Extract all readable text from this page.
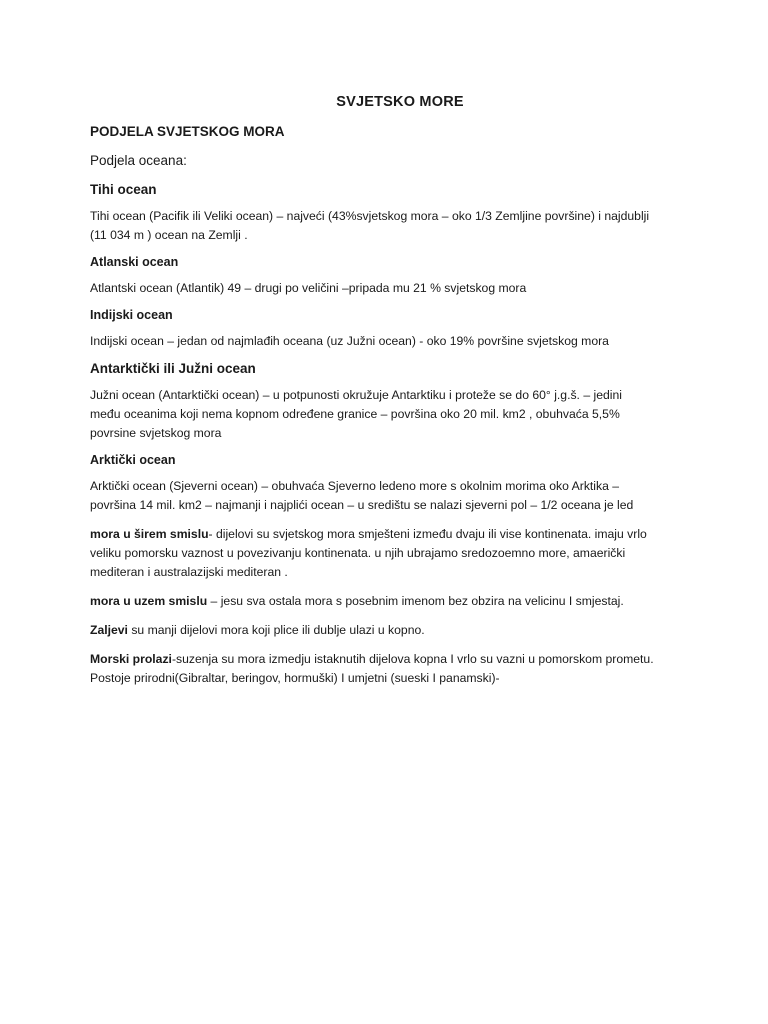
SVJETSKO MORE
PODJELA SVJETSKOG MORA
Podjela oceana:
Tihi ocean
Tihi ocean (Pacifik ili Veliki ocean) – najveći (43%svjetskog mora – oko 1/3 Zemljine površine) i najdublji
(11 034 m ) ocean na Zemlji .
Atlanski ocean
Atlantski ocean (Atlantik) 49 – drugi po veličini –pripada mu 21 % svjetskog mora
Indijski ocean
Indijski ocean – jedan od najmlađih oceana (uz Južni ocean) - oko 19% površine svjetskog mora
Antarktički ili Južni ocean
Južni ocean (Antarktički ocean) – u potpunosti okružuje Antarktiku i proteže se do 60° j.g.š. – jedini
među oceanima koji nema kopnom određene granice – površina oko 20 mil. km2 , obuhvaća 5,5%
povrsine svjetskog mora
Arktički ocean
Arktički ocean (Sjeverni ocean) – obuhvaća Sjeverno ledeno more s okolnim morima oko Arktika –
površina 14 mil. km2 – najmanji i najplići ocean – u središtu se nalazi sjeverni pol – 1/2 oceana je led
mora u širem smislu- dijelovi su svjetskog mora smješteni između dvaju ili vise kontinenata. imaju vrlo
veliku pomorsku vaznost u povezivanju kontinenata. u njih ubrajamo sredozoemno more, amaerički
mediteran i australazijski mediteran .
mora u uzem smislu – jesu sva ostala mora s posebnim imenom bez obzira na velicinu I smjestaj.
Zaljevi su manji dijelovi mora koji plice ili dublje ulazi u kopno.
Morski prolazi-suzenja su mora izmedju istaknutih dijelova kopna I vrlo su vazni u pomorskom prometu.
Postoje prirodni(Gibraltar, beringov, hormuški) I umjetni (sueski I panamski)-
